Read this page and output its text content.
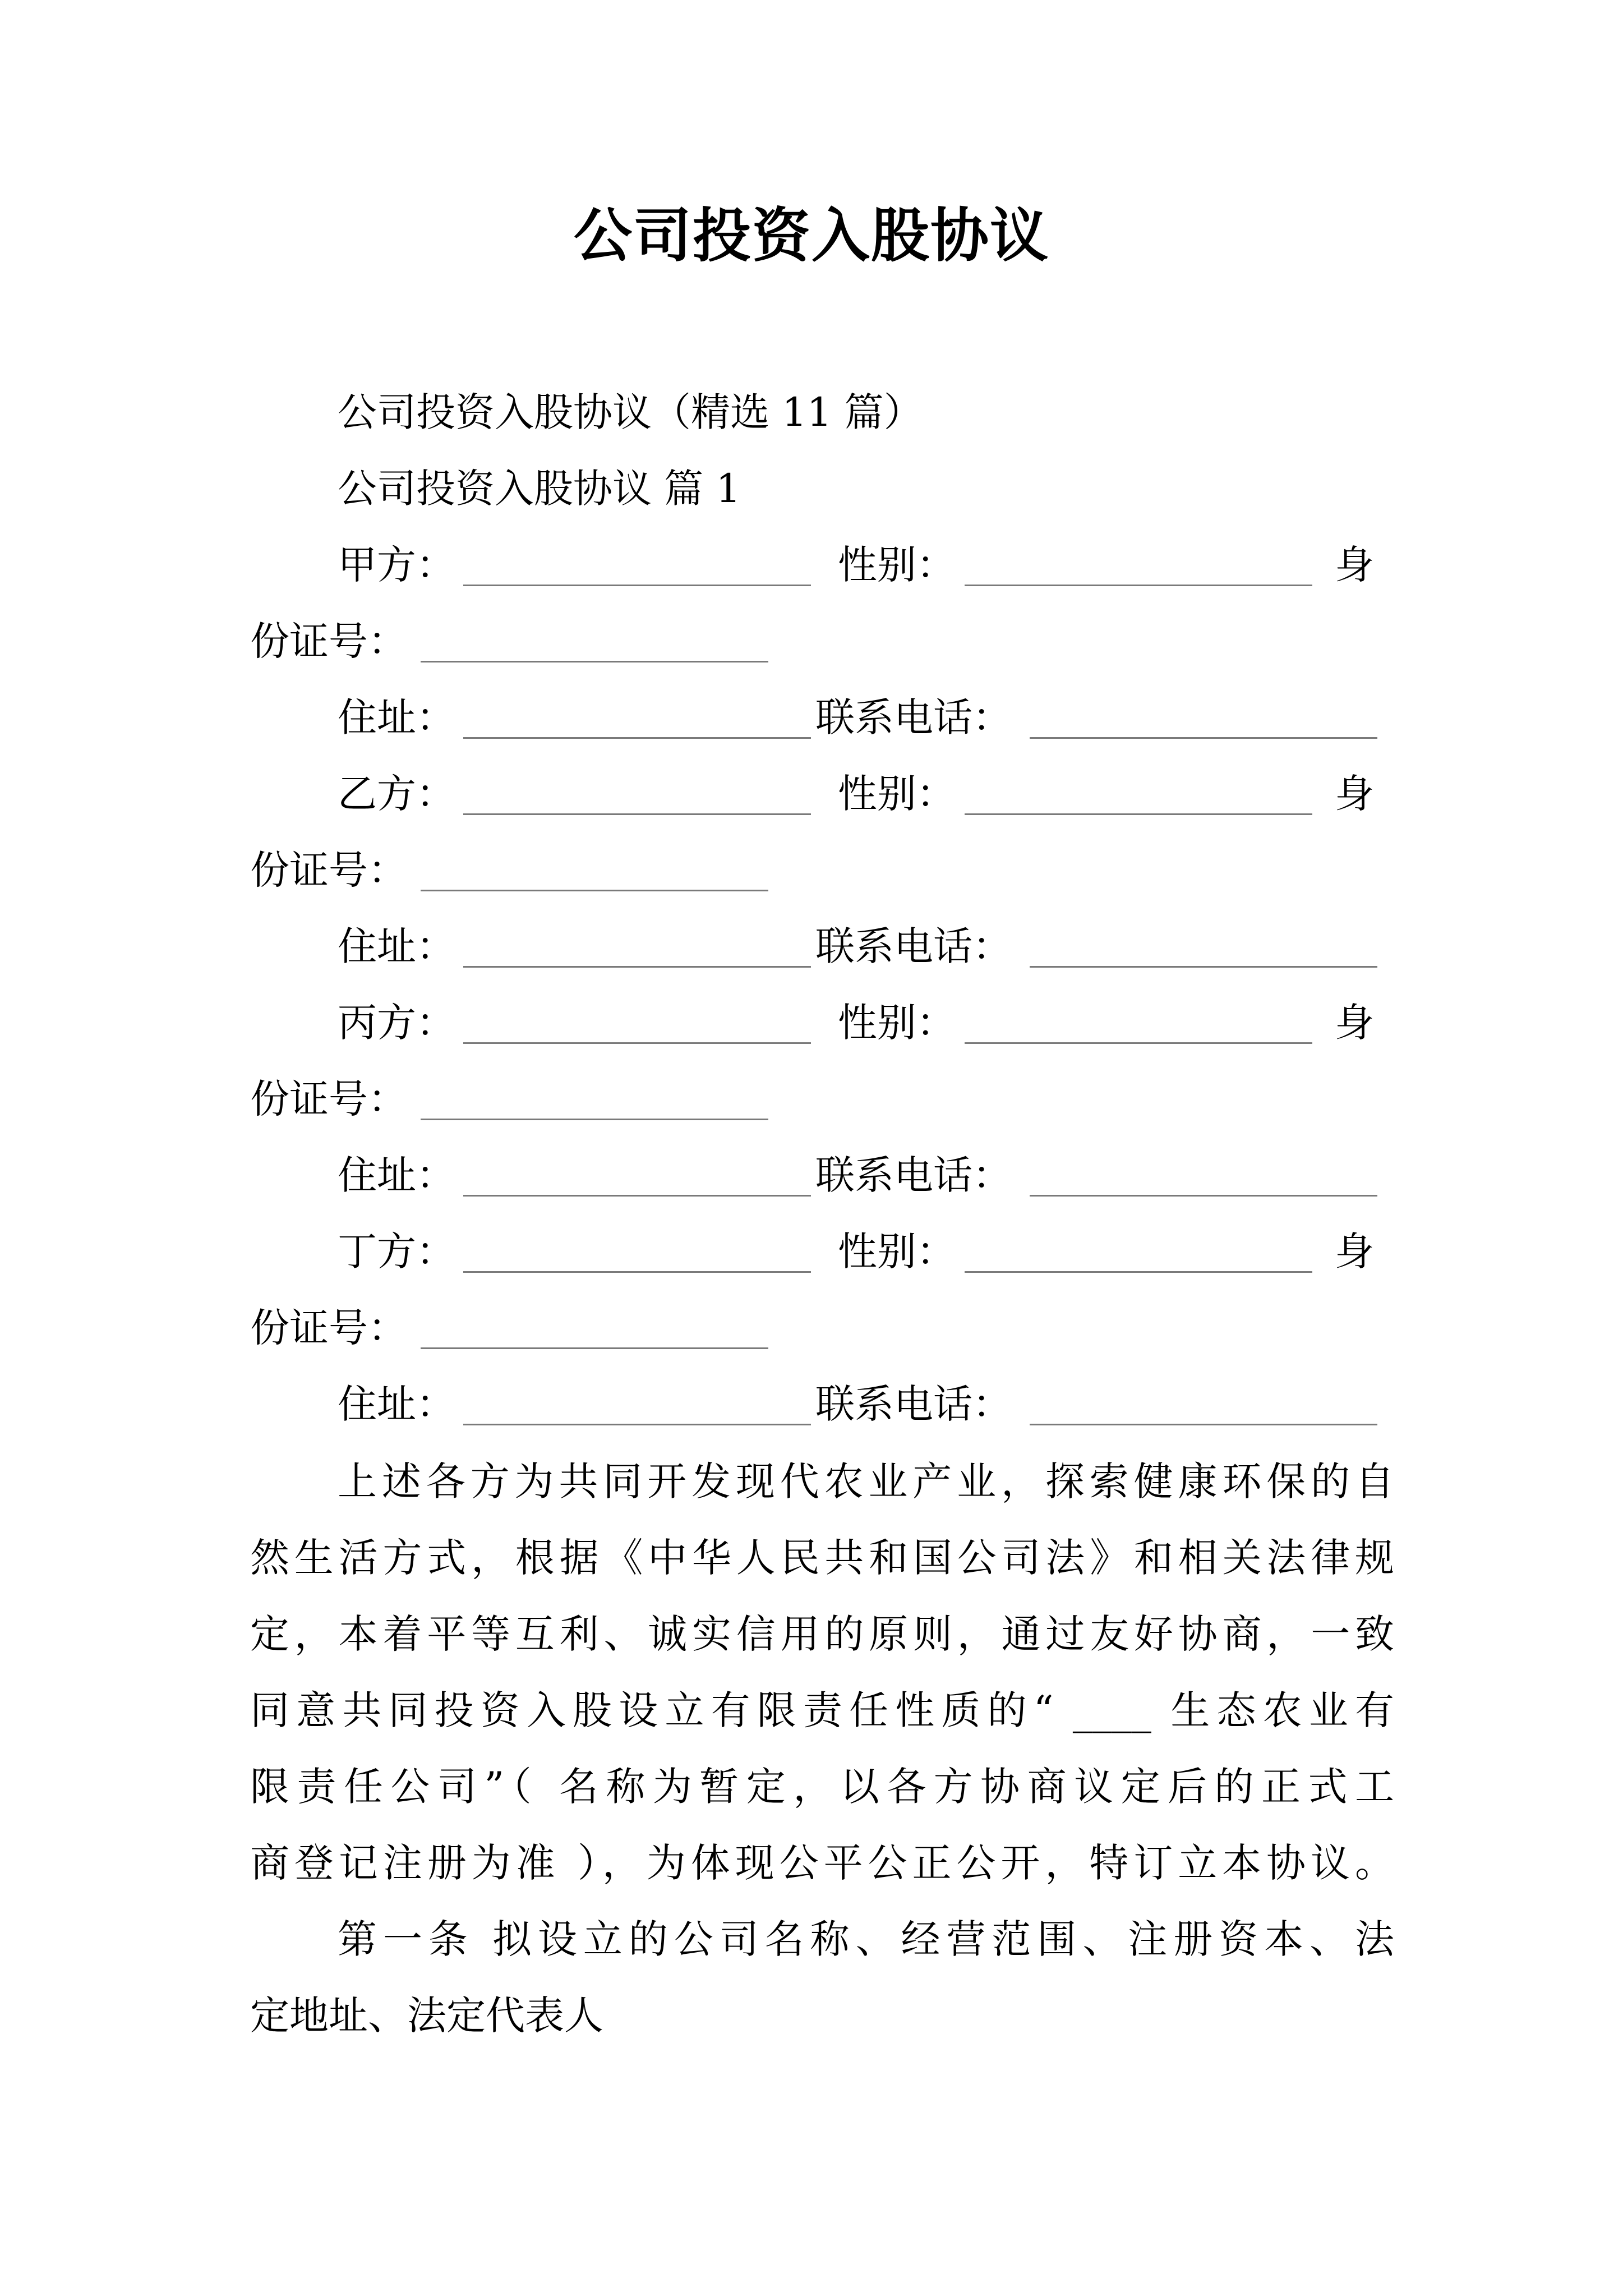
公司投资入股协议
公司投资入股协议（精选 11 篇）
公司投资入股协议 篇 1
甲方：	性别：	身
份证号：
住址：	联系电话：
乙方：	性别：	身
份证号：
住址：	联系电话：
丙方：	性别：	身
份证号：
住址：	联系电话：
丁方：	性别：	身
份证号：
住址：	联系电话：
上述各方为共同开发现代农业产业，探索健康环保的自
然生活方式，根据《中华人民共和国公司法》和相关法律规
定，本着平等互利、诚实信用的原则，通过友好协商，一致
同意共同投资入股设立有限责任性质的“ ____ 生态农业有
限责任公司”（ 名称为暂定，以各方协商议定后的正式工
商登记注册为准 ），为体现公平公正公开，特订立本协议。
第一条 拟设立的公司名称、经营范围、注册资本、法
定地址、法定代表人
